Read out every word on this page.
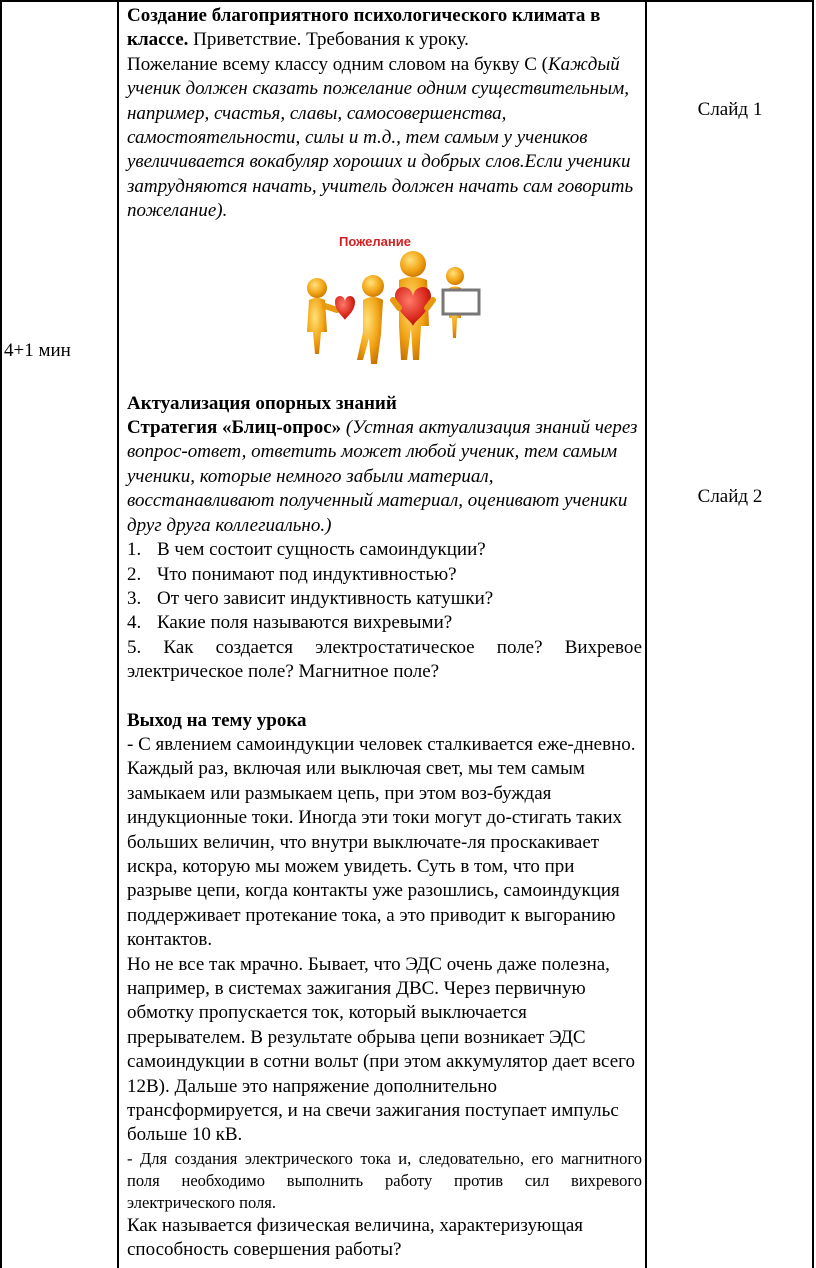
4+1 мин
Слайд 1
Слайд 2

Создание благоприятного психологического климата в классе. Приветствие. Требования к уроку.

Пожелание всему классу одним словом на букву С (Каждый ученик должен сказать пожелание одним существительным, например, счастья, славы, самосовершенства, самостоятельности, силы и т.д., тем самым у учеников увеличивается вокабуляр хороших и добрых слов.Если ученики затрудняются начать, учитель должен начать сам говорить пожелание).

Пожелание

Актуализация опорных знаний

Стратегия «Блиц-опрос» (Устная актуализация знаний через вопрос-ответ, ответить может любой ученик, тем самым ученики, которые немного забыли материал, восстанавливают полученный материал, оценивают ученики друг друга коллегиально.)

1. В чем состоит сущность самоиндукции?
2. Что понимают под индуктивностью?
3. От чего зависит индуктивность катушки?
4. Какие поля называются вихревыми?
5. Как создается электростатическое поле? Вихревое электрическое поле? Магнитное поле?

Выход на тему урока

- С явлением самоиндукции человек сталкивается еже-дневно. Каждый раз, включая или выключая свет, мы тем самым замыкаем или размыкаем цепь, при этом воз-буждая индукционные токи. Иногда эти токи могут до-стигать таких больших величин, что внутри выключате-ля проскакивает искра, которую мы можем увидеть. Суть в том, что при разрыве цепи, когда контакты уже разошлись, самоиндукция поддерживает протекание тока, а это приводит к выгоранию контактов.

Но не все так мрачно. Бывает, что ЭДС очень даже полезна, например, в системах зажигания ДВС. Через первичную обмотку пропускается ток, который выключается прерывателем. В результате обрыва цепи возникает ЭДС самоиндукции в сотни вольт (при этом аккумулятор дает всего 12В). Дальше это напряжение дополнительно трансформируется, и на свечи зажигания поступает импульс больше 10 кВ.

- Для создания электрического тока и, следовательно, его магнитного поля необходимо выполнить работу против сил вихревого электрического поля.

Как называется физическая величина, характеризующая способность совершения работы?
